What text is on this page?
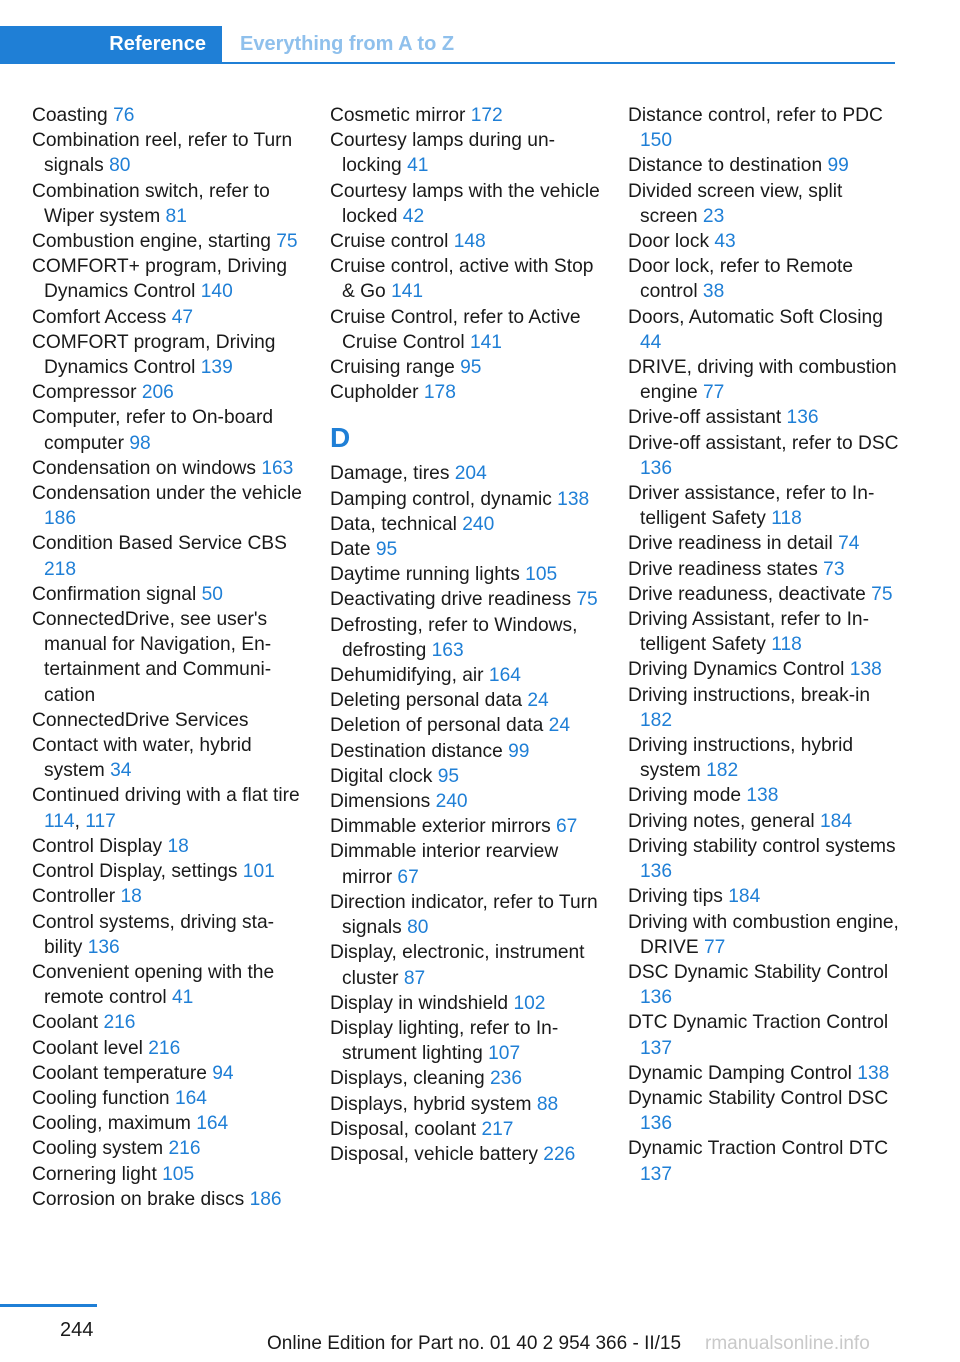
Reference	Everything from A to Z
Coasting 76
Combination reel, refer to Turn signals 80
Combination switch, refer to Wiper system 81
Combustion engine, starting 75
COMFORT+ program, Driving Dynamics Control 140
Comfort Access 47
COMFORT program, Driving Dynamics Control 139
Compressor 206
Computer, refer to On-board computer 98
Condensation on windows 163
Condensation under the vehicle 186
Condition Based Service CBS 218
Confirmation signal 50
ConnectedDrive, see user's manual for Navigation, Entertainment and Communication
ConnectedDrive Services
Contact with water, hybrid system 34
Continued driving with a flat tire 114, 117
Control Display 18
Control Display, settings 101
Controller 18
Control systems, driving stability 136
Convenient opening with the remote control 41
Coolant 216
Coolant level 216
Coolant temperature 94
Cooling function 164
Cooling, maximum 164
Cooling system 216
Cornering light 105
Corrosion on brake discs 186
Cosmetic mirror 172
Courtesy lamps during unlocking 41
Courtesy lamps with the vehicle locked 42
Cruise control 148
Cruise control, active with Stop & Go 141
Cruise Control, refer to Active Cruise Control 141
Cruising range 95
Cupholder 178
D
Damage, tires 204
Damping control, dynamic 138
Data, technical 240
Date 95
Daytime running lights 105
Deactivating drive readiness 75
Defrosting, refer to Windows, defrosting 163
Dehumidifying, air 164
Deleting personal data 24
Deletion of personal data 24
Destination distance 99
Digital clock 95
Dimensions 240
Dimmable exterior mirrors 67
Dimmable interior rearview mirror 67
Direction indicator, refer to Turn signals 80
Display, electronic, instrument cluster 87
Display in windshield 102
Display lighting, refer to Instrument lighting 107
Displays, cleaning 236
Displays, hybrid system 88
Disposal, coolant 217
Disposal, vehicle battery 226
Distance control, refer to PDC 150
Distance to destination 99
Divided screen view, split screen 23
Door lock 43
Door lock, refer to Remote control 38
Doors, Automatic Soft Closing 44
DRIVE, driving with combustion engine 77
Drive-off assistant 136
Drive-off assistant, refer to DSC 136
Driver assistance, refer to Intelligent Safety 118
Drive readiness in detail 74
Drive readiness states 73
Drive readuness, deactivate 75
Driving Assistant, refer to Intelligent Safety 118
Driving Dynamics Control 138
Driving instructions, break-in 182
Driving instructions, hybrid system 182
Driving mode 138
Driving notes, general 184
Driving stability control systems 136
Driving tips 184
Driving with combustion engine, DRIVE 77
DSC Dynamic Stability Control 136
DTC Dynamic Traction Control 137
Dynamic Damping Control 138
Dynamic Stability Control DSC 136
Dynamic Traction Control DTC 137
244
Online Edition for Part no. 01 40 2 954 366 - II/15 rmanualsonline.info
